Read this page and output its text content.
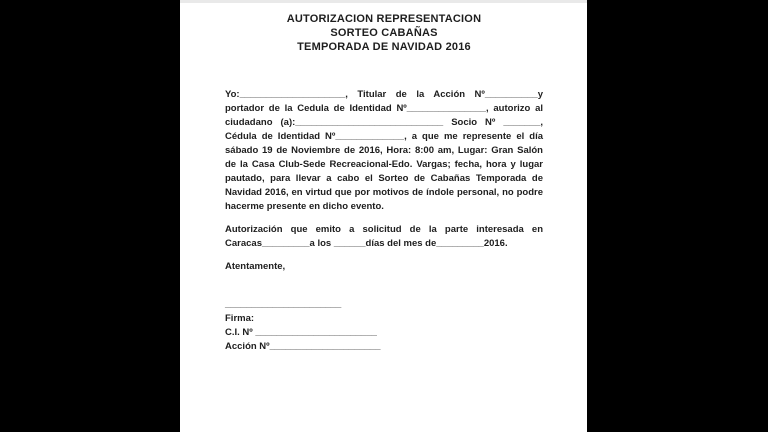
AUTORIZACION REPRESENTACION
SORTEO CABAÑAS
TEMPORADA DE NAVIDAD 2016
Yo:____________________, Titular de la Acción Nº__________y
portador de la Cedula de Identidad Nº_______________, autorizo al
ciudadano (a):____________________________ Socio Nº _______,
Cédula de Identidad Nº_____________, a que me represente el día
sábado 19 de Noviembre de 2016, Hora: 8:00 am, Lugar: Gran Salón
de la Casa Club-Sede Recreacional-Edo. Vargas; fecha, hora y lugar
pautado, para llevar a cabo el Sorteo de Cabañas Temporada de
Navidad 2016, en virtud que por motivos de índole personal, no podre
hacerme presente en dicho evento.
Autorización que emito a solicitud de la parte interesada en
Caracas_________a los ______días del mes de_________2016.
Atentamente,
______________________
Firma:
C.I. Nº _______________________
Acción Nº_____________________
